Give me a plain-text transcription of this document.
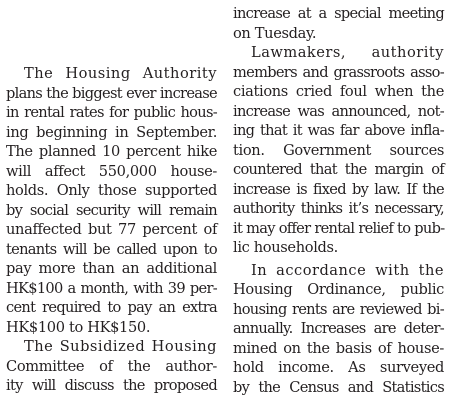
The Housing Authority
plans the biggest ever increase
in rental rates for public hous-
ing beginning in September.
The planned 10 percent hike
will affect 550,000 house-
holds. Only those supported
by social security will remain
unaffected but 77 percent of
tenants will be called upon to
pay more than an additional
HK$100 a month, with 39 per-
cent required to pay an extra
HK$100 to HK$150.
The Subsidized Housing
Committee of the author-
ity will discuss the proposed
increase at a special meeting
on Tuesday.
Lawmakers, authority
members and grassroots asso-
ciations cried foul when the
increase was announced, not-
ing that it was far above infla-
tion. Government sources
countered that the margin of
increase is fixed by law. If the
authority thinks it’s necessary,
it may offer rental relief to pub-
lic households.
In accordance with the
Housing Ordinance, public
housing rents are reviewed bi-
annually. Increases are deter-
mined on the basis of house-
hold income. As surveyed
by the Census and Statistics
